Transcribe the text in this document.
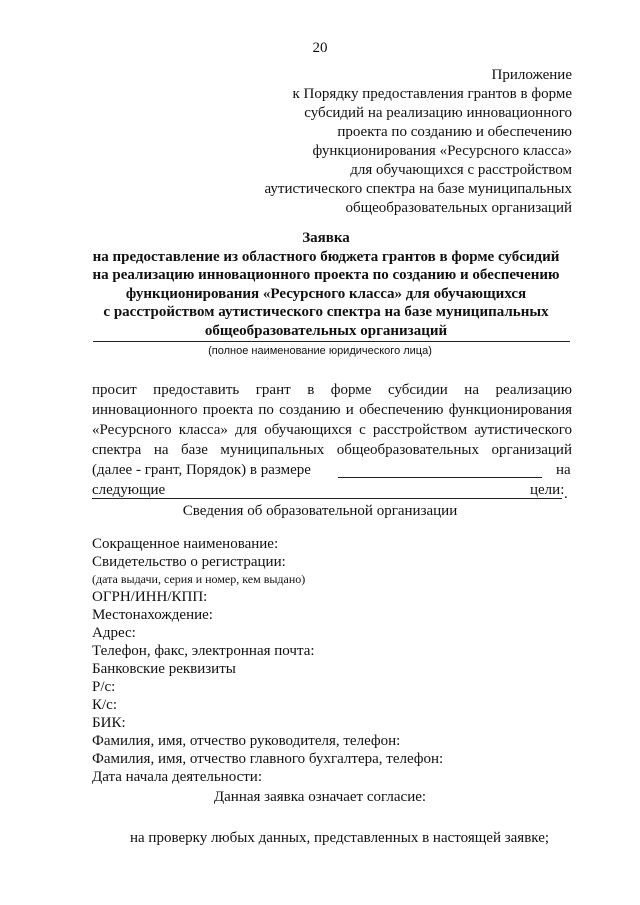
20
Приложение
к Порядку предоставления грантов в форме
субсидий на реализацию инновационного
проекта по созданию и обеспечению
функционирования «Ресурсного класса»
для обучающихся с расстройством
аутистического спектра на базе муниципальных
общеобразовательных организаций
Заявка
на предоставление из областного бюджета грантов в форме субсидий
на реализацию инновационного проекта по созданию и обеспечению
функционирования «Ресурсного класса» для обучающихся
с расстройством аутистического спектра на базе муниципальных
общеобразовательных организаций
(полное наименование юридического лица)
просит предоставить грант в форме субсидии на реализацию
инновационного проекта по созданию и обеспечению функционирования
«Ресурсного класса» для обучающихся с расстройством аутистического
спектра на базе муниципальных общеобразовательных организаций
(далее - грант, Порядок) в размере	на
следующие	цели: .
Сведения об образовательной организации
Сокращенное наименование:
Свидетельство о регистрации:
(дата выдачи, серия и номер, кем выдано)
ОГРН/ИНН/КПП:
Местонахождение:
Адрес:
Телефон, факс, электронная почта:
Банковские реквизиты
Р/с:
К/с:
БИК:
Фамилия, имя, отчество руководителя, телефон:
Фамилия, имя, отчество главного бухгалтера, телефон:
Дата начала деятельности:
Данная заявка означает согласие:
на проверку любых данных, представленных в настоящей заявке;
